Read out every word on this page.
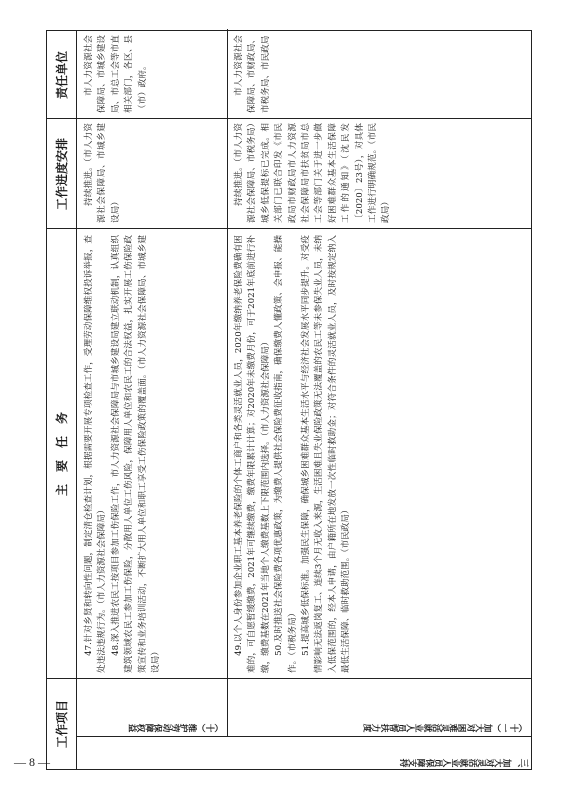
工作项目
主　要　任　务
工作进度安排
责任单位
三、加大对灵活就业人员保障支持
（十）维护劳动保障权益
47.针对乡贤和转向性问题，制定清仓检查计划，根据需要开展专项检查工作，受理劳动保障维权投诉举报，查处违法违规行为。（市人力资源社会保障局） 48.深入推进农民工按项目参加工伤保险工作，市人力资源社会保障局与市城乡建设局建立联动机制，认真组织建筑领域农民工参加工伤保险，分散用人单位工伤风险，保障用人单位和农民工的合法权益，扎实开展工伤保险政策宣传和业务培训活动，不断扩大用人单位和职工享受工伤保险政策的覆盖面。（市人力资源社会保障局、市城乡建设局）
持续推进。（市人力资源社会保障局、市城乡建设局）
市人力资源社会保障局、市城乡建设局、市总工会等市直相关部门，各区、县（市）政府。
（十一）加大对困难灵活就业人员帮扶力度
49.以个人身份参加企业职工基本养老保险的个体工商户和各类灵活就业人员，2020年缴纳养老保险费确有困难的，可自愿暂缓缴费，2021年可继续缴费，缴费年限累计计算；对2020年未缴费月份，可于2021年底前进行补缴，缴费基数在2021年当地个人缴费基数上下限范围内选择。（市人力资源社会保障局） 50.及时推送社会保险费各项优惠政策，为缴费人提供社会保险费征收指南，确保缴费人懂政策、会申报、能操作。（市税务局） 51.提高城乡低保标准。加强民生保障，确保城乡困难群众基本生活水平与经济社会发展水平同步提升。对受疫情影响无法返岗复工、连续3个月无收入来源，生活困难且失业保险政策无法覆盖的农民工等未参保失业人员，未纳入低保范围的，经本人申请，由户籍所在地发放一次性临时救助金；对符合条件的灵活就业人员，及时按规定纳入最低生活保障、临时救助范围。（市民政局）
持续推进。（市人力资源社会保障局、市税务局）城乡低保提标已完成。相关部门已联合印发《市民政局市财政局市人力资源社会保障局市扶贫局市总工会等部门关于进一步做好困难群众基本生活保障工作的通知》（沈民发〔2020〕23号），对具体工作进行明确规范。（市民政局）
市人力资源社会保障局、市财政局、市税务局、市民政局
— 8 —
